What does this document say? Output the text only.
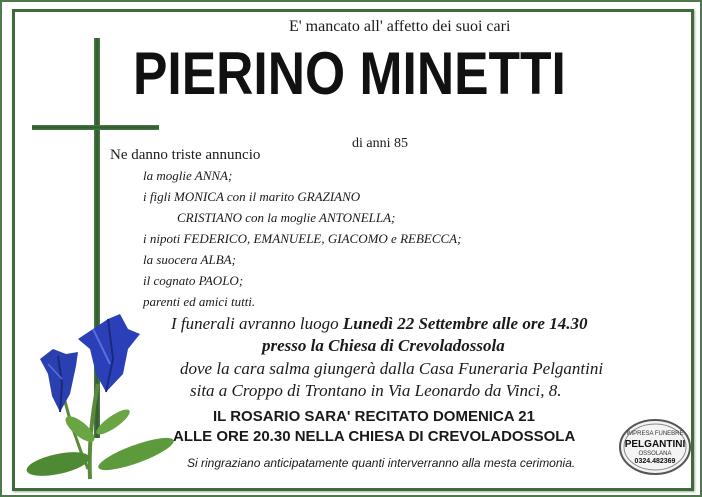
E' mancato all' affetto dei suoi cari
PIERINO MINETTI
di anni 85
Ne danno triste annuncio
la moglie ANNA;
i figli MONICA con il marito GRAZIANO
CRISTIANO con la moglie ANTONELLA;
i nipoti FEDERICO, EMANUELE, GIACOMO e REBECCA;
la suocera ALBA;
il cognato PAOLO;
parenti ed amici tutti.
I funerali avranno luogo Lunedì 22 Settembre alle ore 14.30
presso la Chiesa di Crevoladossola
dove la cara salma giungerà dalla Casa Funeraria Pelgantini
sita a Croppo di Trontano in Via Leonardo da Vinci, 8.
IL ROSARIO SARA' RECITATO DOMENICA 21
ALLE ORE 20.30 NELLA CHIESA DI CREVOLADOSSOLA
Si ringraziano anticipatamente quanti interverranno alla mesta cerimonia.
IMPRESA FUNEBRE
PELGANTINI
OSSOLANA
0324.482369
